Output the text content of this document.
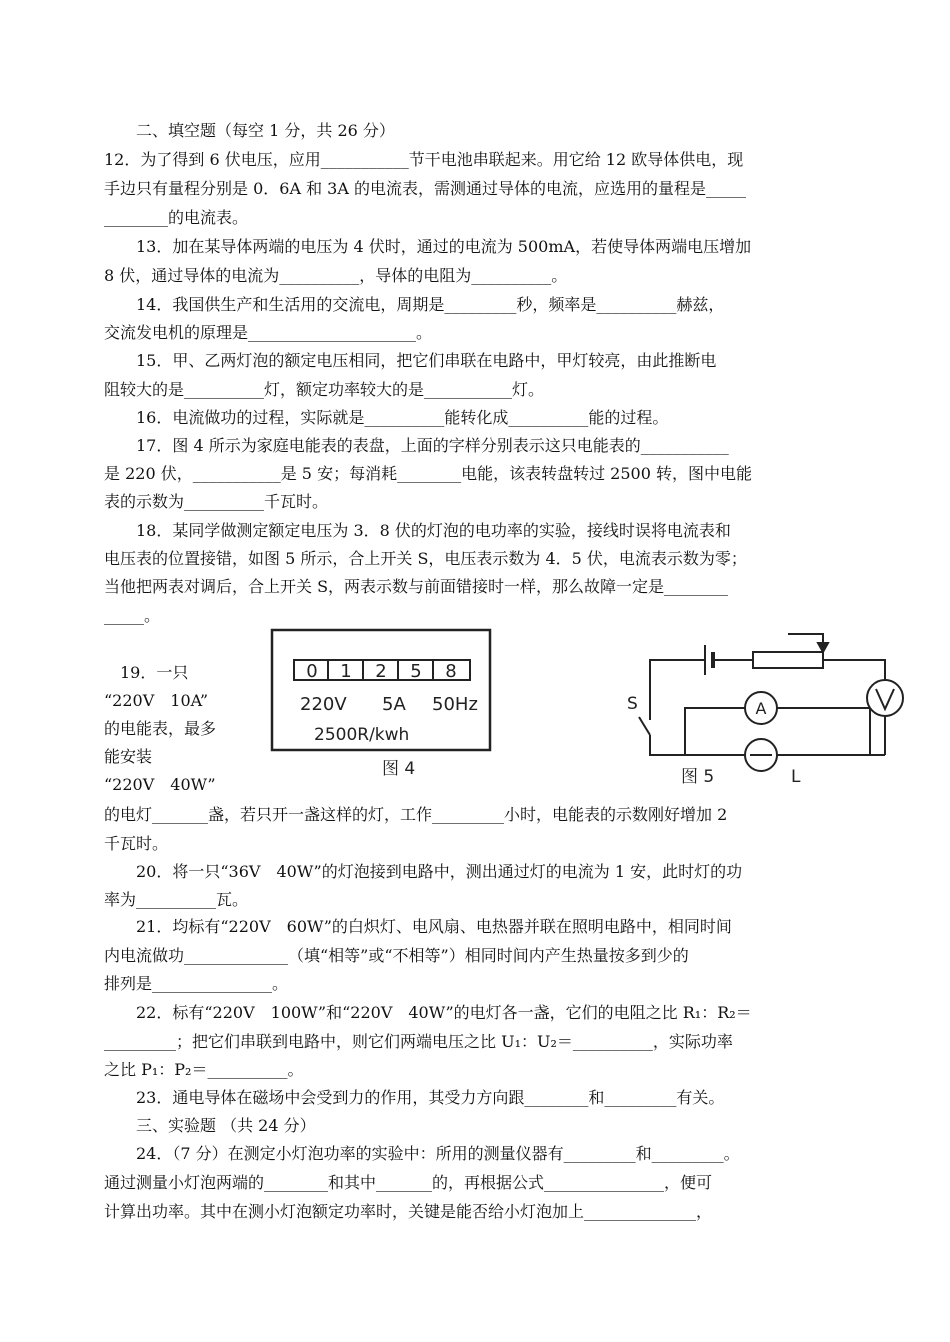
二、填空题（每空 1 分，共 26 分）
12．为了得到 6 伏电压，应用___________节干电池串联起来。用它给 12 欧导体供电，现
手边只有量程分别是 0．6A 和 3A 的电流表，需测通过导体的电流，应选用的量程是_____
________的电流表。
13．加在某导体两端的电压为 4 伏时，通过的电流为 500mA，若使导体两端电压增加
8 伏，通过导体的电流为__________，导体的电阻为__________。
14．我国供生产和生活用的交流电，周期是_________秒，频率是__________赫兹，
交流发电机的原理是_____________________。
15．甲、乙两灯泡的额定电压相同，把它们串联在电路中，甲灯较亮，由此推断电
阻较大的是__________灯，额定功率较大的是___________灯。
16．电流做功的过程，实际就是__________能转化成__________能的过程。
17．图 4 所示为家庭电能表的表盘，上面的字样分别表示这只电能表的___________
是 220 伏，___________是 5 安；每消耗________电能，该表转盘转过 2500 转，图中电能
表的示数为__________千瓦时。
18．某同学做测定额定电压为 3．8 伏的灯泡的电功率的实验，接线时误将电流表和
电压表的位置接错，如图 5 所示，合上开关 S，电压表示数为 4．5 伏，电流表示数为零；
当他把两表对调后，合上开关 S，两表示数与前面错接时一样，那么故障一定是________
_____。
19．一只
“220V　10A”
的电能表，最多
能安装
“220V　40W”
的电灯_______盏，若只开一盏这样的灯，工作_________小时，电能表的示数刚好增加 2
千瓦时。
20．将一只“36V　40W”的灯泡接到电路中，测出通过灯的电流为 1 安，此时灯的功
率为__________瓦。
21．均标有“220V　60W”的白炽灯、电风扇、电热器并联在照明电路中，相同时间
内电流做功_____________（填“相等”或“不相等”）相同时间内产生热量按多到少的
排列是_______________。
22．标有“220V　100W”和“220V　40W”的电灯各一盏，它们的电阻之比 R₁：R₂＝
_________；把它们串联到电路中，则它们两端电压之比 U₁：U₂＝__________，实际功率
之比 P₁：P₂＝__________。
23．通电导体在磁场中会受到力的作用，其受力方向跟________和_________有关。
三、实验题 （共 24 分）
24．（7 分）在测定小灯泡功率的实验中：所用的测量仪器有_________和_________。
通过测量小灯泡两端的________和其中_______的，再根据公式_______________，便可
计算出功率。其中在测小灯泡额定功率时，关键是能否给小灯泡加上______________，
0 1 2 5 8
220V 5A 50Hz
2500R/kwh
图 4
A
S
L
图 5
